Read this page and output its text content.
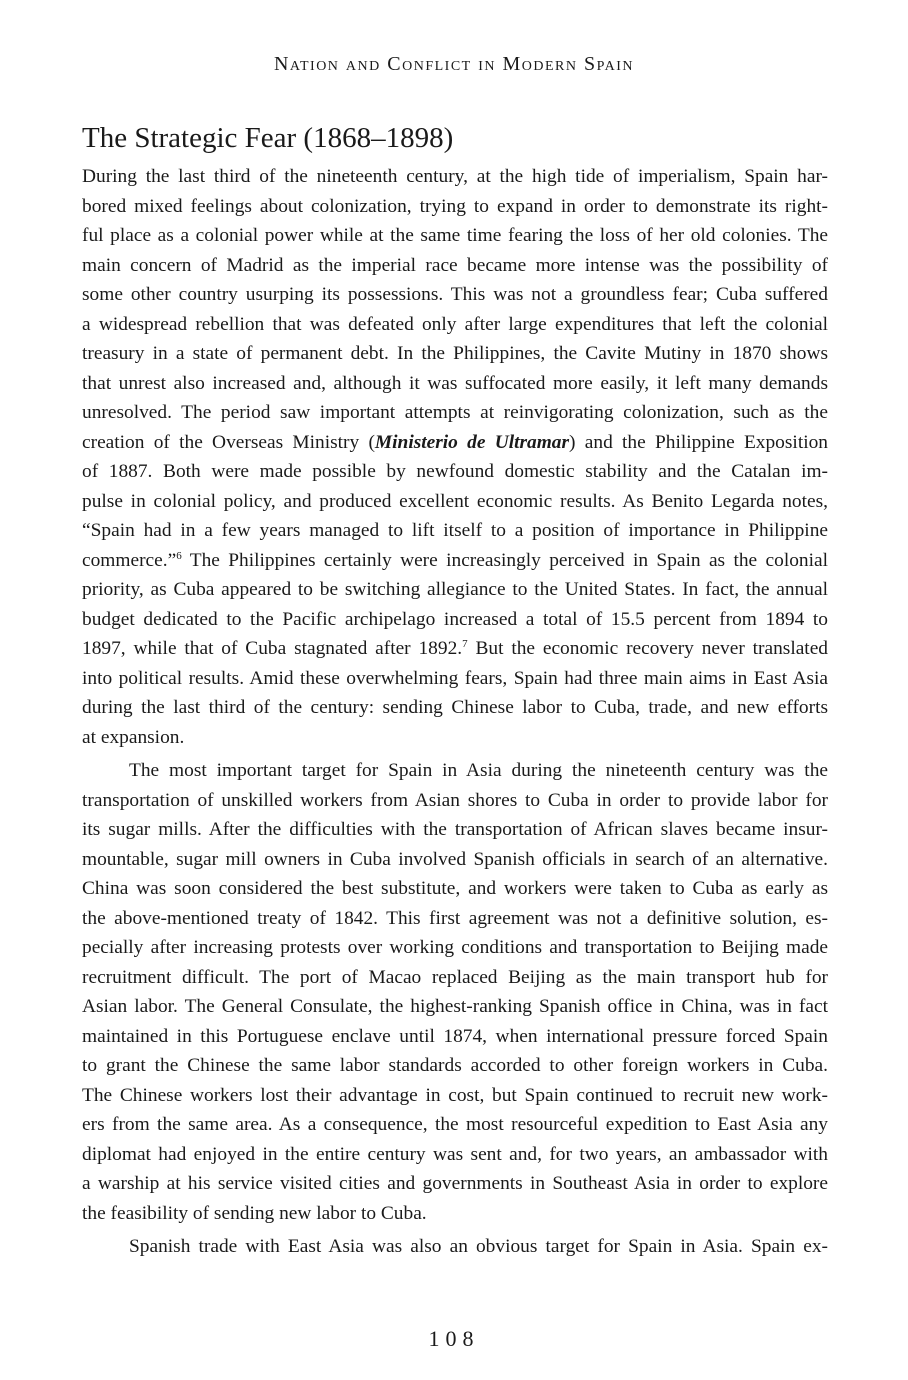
Nation and Conflict in Modern Spain
The Strategic Fear (1868–1898)

During the last third of the nineteenth century, at the high tide of imperialism, Spain har-
bored mixed feelings about colonization, trying to expand in order to demonstrate its right-
ful place as a colonial power while at the same time fearing the loss of her old colonies. The
main concern of Madrid as the imperial race became more intense was the possibility of
some other country usurping its possessions. This was not a groundless fear; Cuba suffered
a widespread rebellion that was defeated only after large expenditures that left the colonial
treasury in a state of permanent debt. In the Philippines, the Cavite Mutiny in 1870 shows
that unrest also increased and, although it was suffocated more easily, it left many demands
unresolved. The period saw important attempts at reinvigorating colonization, such as the
creation of the Overseas Ministry (Ministerio de Ultramar) and the Philippine Exposition
of 1887. Both were made possible by newfound domestic stability and the Catalan im-
pulse in colonial policy, and produced excellent economic results. As Benito Legarda notes,
“Spain had in a few years managed to lift itself to a position of importance in Philippine
commerce.”$^6$ The Philippines certainly were increasingly perceived in Spain as the colonial
priority, as Cuba appeared to be switching allegiance to the United States. In fact, the annual
budget dedicated to the Pacific archipelago increased a total of 15.5 percent from 1894 to
1897, while that of Cuba stagnated after 1892.$^7$ But the economic recovery never translated
into political results. Amid these overwhelming fears, Spain had three main aims in East Asia
during the last third of the century: sending Chinese labor to Cuba, trade, and new efforts
at expansion.

The most important target for Spain in Asia during the nineteenth century was the
transportation of unskilled workers from Asian shores to Cuba in order to provide labor for
its sugar mills. After the difficulties with the transportation of African slaves became insur-
mountable, sugar mill owners in Cuba involved Spanish officials in search of an alternative.
China was soon considered the best substitute, and workers were taken to Cuba as early as
the above-mentioned treaty of 1842. This first agreement was not a definitive solution, es-
pecially after increasing protests over working conditions and transportation to Beijing made
recruitment difficult. The port of Macao replaced Beijing as the main transport hub for
Asian labor. The General Consulate, the highest-ranking Spanish office in China, was in fact
maintained in this Portuguese enclave until 1874, when international pressure forced Spain
to grant the Chinese the same labor standards accorded to other foreign workers in Cuba.
The Chinese workers lost their advantage in cost, but Spain continued to recruit new work-
ers from the same area. As a consequence, the most resourceful expedition to East Asia any
diplomat had enjoyed in the entire century was sent and, for two years, an ambassador with
a warship at his service visited cities and governments in Southeast Asia in order to explore
the feasibility of sending new labor to Cuba.

Spanish trade with East Asia was also an obvious target for Spain in Asia. Spain ex-

108
